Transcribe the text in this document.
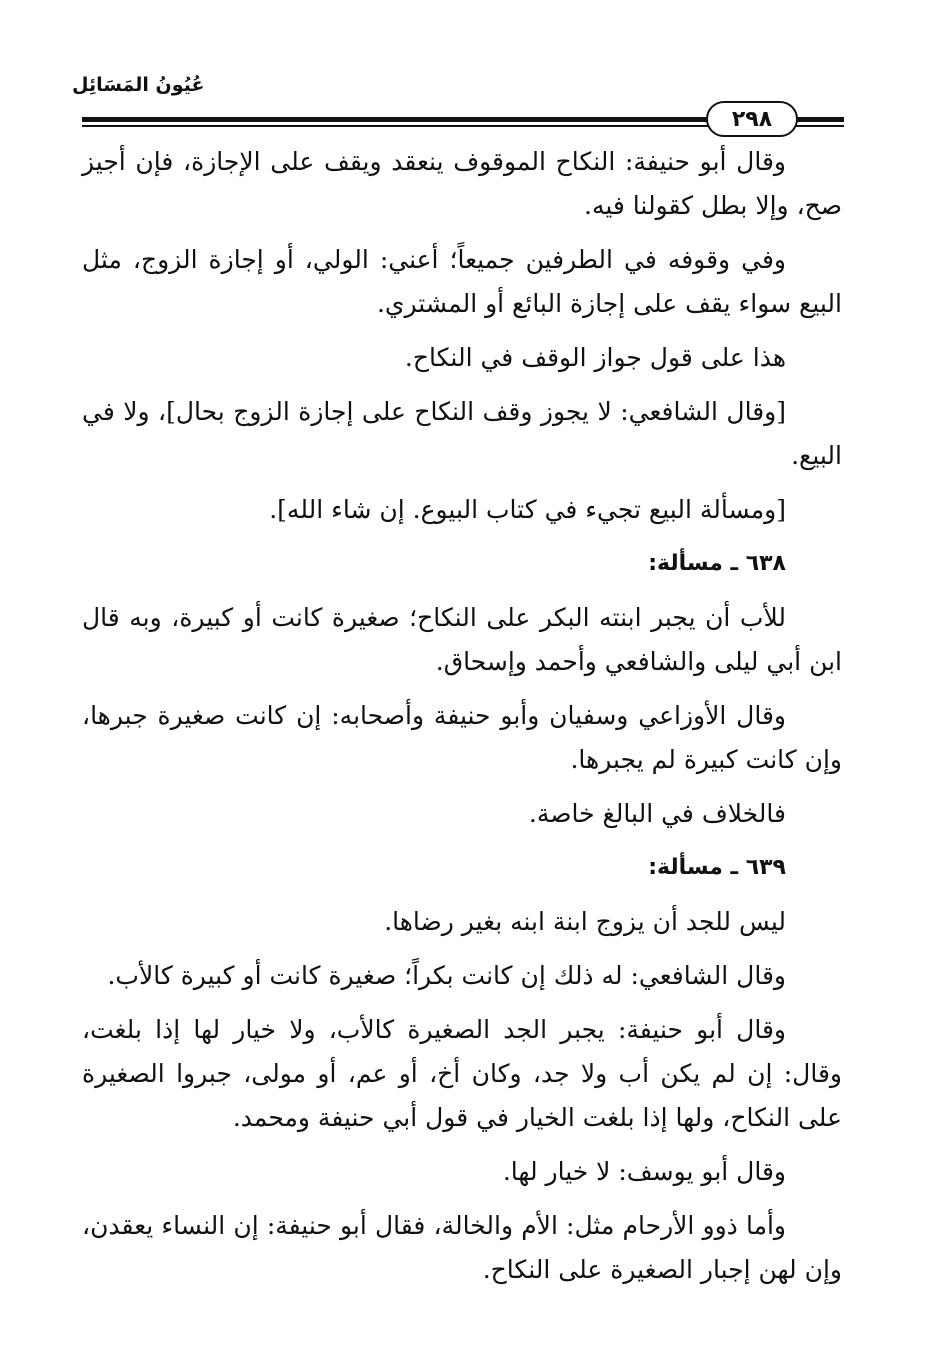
عُيُونُ المَسَائِل
٢٩٨

وقال أبو حنيفة: النكاح الموقوف ينعقد ويقف على الإجازة، فإن أجيز صح، وإلا بطل كقولنا فيه.

وفي وقوفه في الطرفين جميعاً؛ أعني: الولي، أو إجازة الزوج، مثل البيع سواء يقف على إجازة البائع أو المشتري.

هذا على قول جواز الوقف في النكاح.

[وقال الشافعي: لا يجوز وقف النكاح على إجازة الزوج بحال]، ولا في البيع.

[ومسألة البيع تجيء في كتاب البيوع. إن شاء الله].

٦٣٨ ـ مسألة:

للأب أن يجبر ابنته البكر على النكاح؛ صغيرة كانت أو كبيرة، وبه قال ابن أبي ليلى والشافعي وأحمد وإسحاق.

وقال الأوزاعي وسفيان وأبو حنيفة وأصحابه: إن كانت صغيرة جبرها، وإن كانت كبيرة لم يجبرها.

فالخلاف في البالغ خاصة.

٦٣٩ ـ مسألة:

ليس للجد أن يزوج ابنة ابنه بغير رضاها.

وقال الشافعي: له ذلك إن كانت بكراً؛ صغيرة كانت أو كبيرة كالأب.

وقال أبو حنيفة: يجبر الجد الصغيرة كالأب، ولا خيار لها إذا بلغت، وقال: إن لم يكن أب ولا جد، وكان أخ، أو عم، أو مولى، جبروا الصغيرة على النكاح، ولها إذا بلغت الخيار في قول أبي حنيفة ومحمد.

وقال أبو يوسف: لا خيار لها.

وأما ذوو الأرحام مثل: الأم والخالة، فقال أبو حنيفة: إن النساء يعقدن، وإن لهن إجبار الصغيرة على النكاح.
